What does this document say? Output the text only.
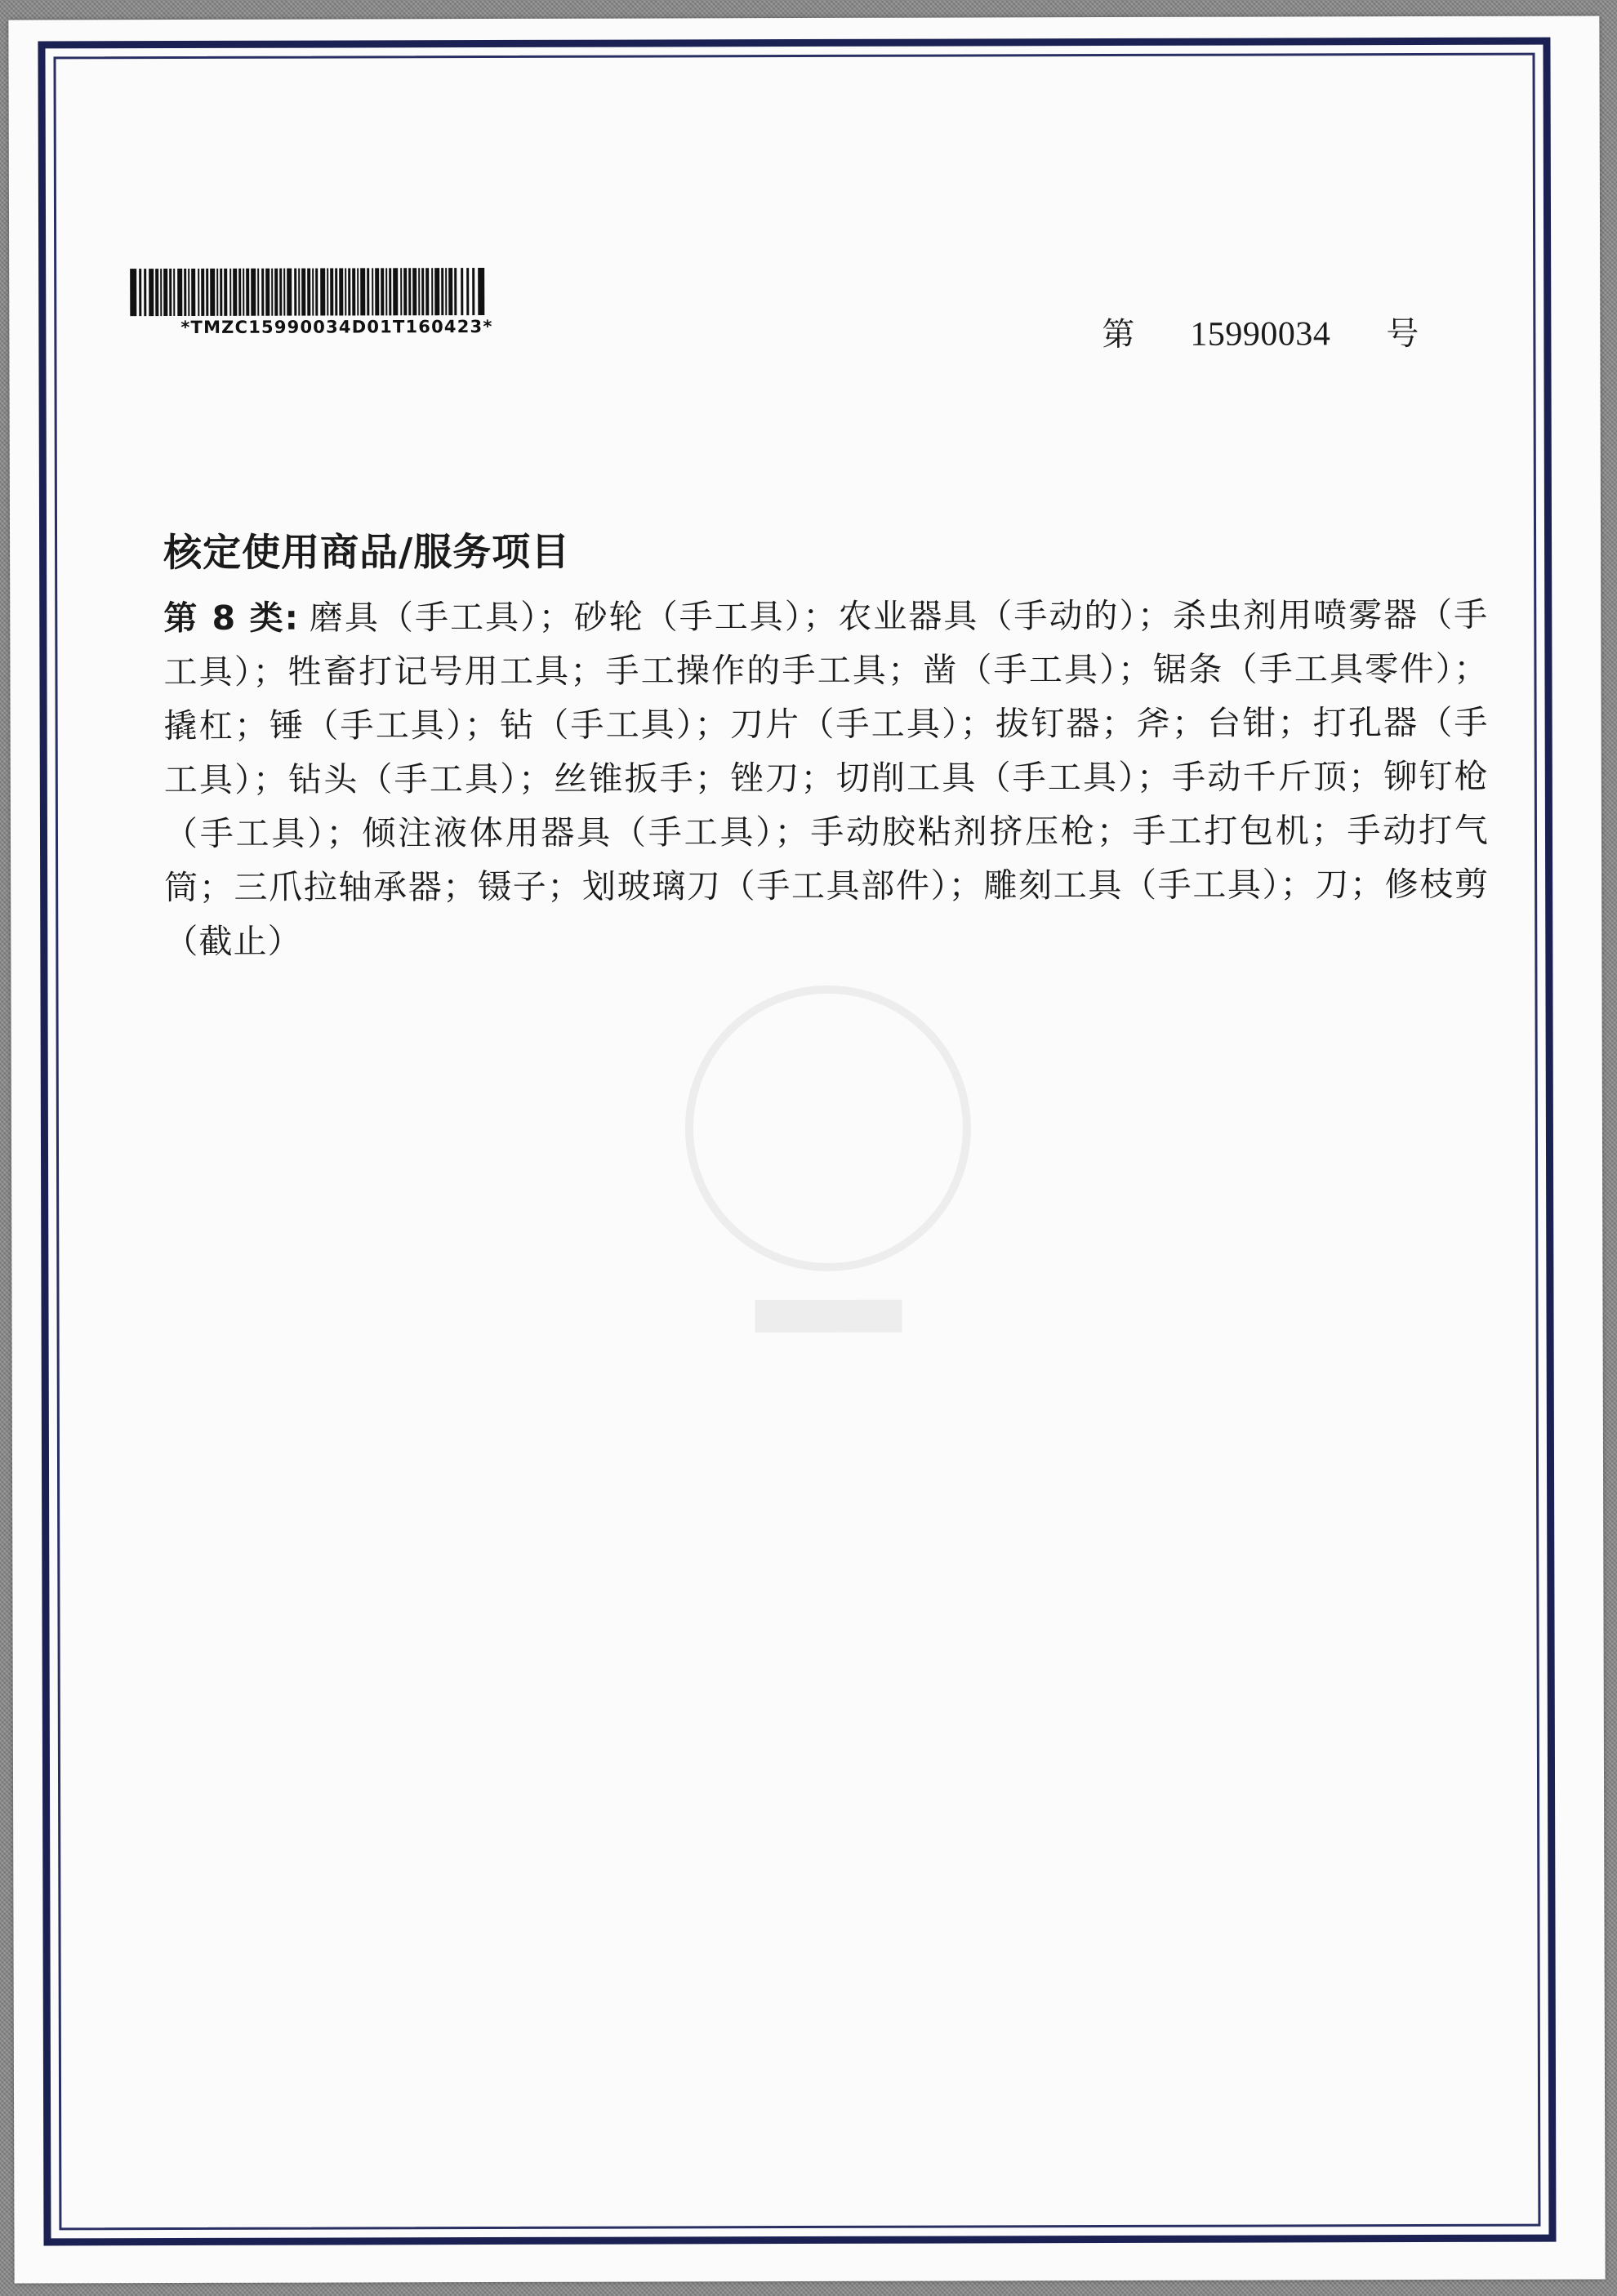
*TMZC15990034D01T160423*	第 15990034 号
核定使用商品/服务项目
第 8 类: 磨具（手工具）；砂轮（手工具）；农业器具（手动的）；杀虫剂用喷雾器（手工具）；牲畜打记号用工具；手工操作的手工具；凿（手工具）；锯条（手工具零件）；撬杠；锤（手工具）；钻（手工具）；刀片（手工具）；拔钉器；斧；台钳；打孔器（手工具）；钻头（手工具）；丝锥扳手；锉刀；切削工具（手工具）；手动千斤顶；铆钉枪（手工具）；倾注液体用器具（手工具）；手动胶粘剂挤压枪；手工打包机；手动打气筒；三爪拉轴承器；镊子；划玻璃刀（手工具部件）；雕刻工具（手工具）；刀；修枝剪（截止）
